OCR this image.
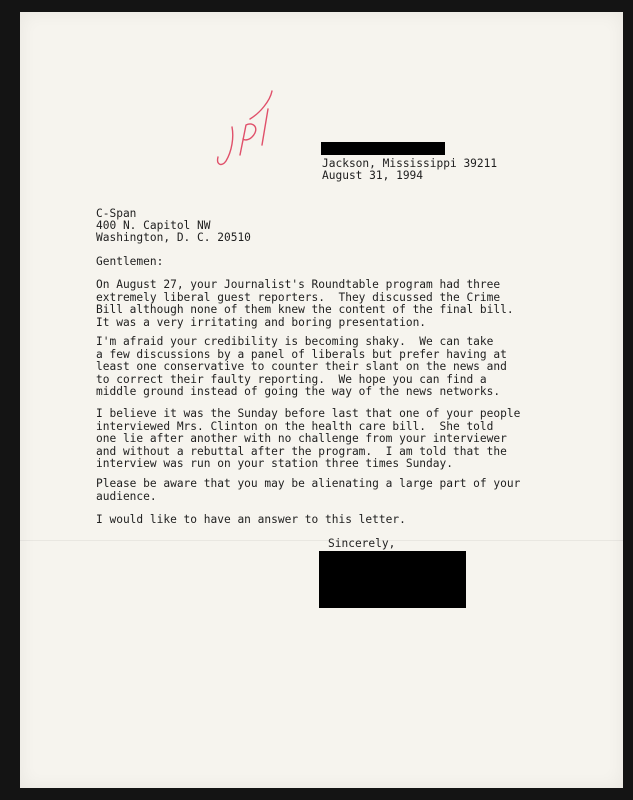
Jackson, Mississippi 39211
August 31, 1994
C-Span
400 N. Capitol NW
Washington, D. C. 20510
Gentlemen:
On August 27, your Journalist's Roundtable program had three
extremely liberal guest reporters.  They discussed the Crime
Bill although none of them knew the content of the final bill.
It was a very irritating and boring presentation.
I'm afraid your credibility is becoming shaky.  We can take
a few discussions by a panel of liberals but prefer having at
least one conservative to counter their slant on the news and
to correct their faulty reporting.  We hope you can find a
middle ground instead of going the way of the news networks.
I believe it was the Sunday before last that one of your people
interviewed Mrs. Clinton on the health care bill.  She told
one lie after another with no challenge from your interviewer
and without a rebuttal after the program.  I am told that the
interview was run on your station three times Sunday.
Please be aware that you may be alienating a large part of your
audience.
I would like to have an answer to this letter.
Sincerely,
